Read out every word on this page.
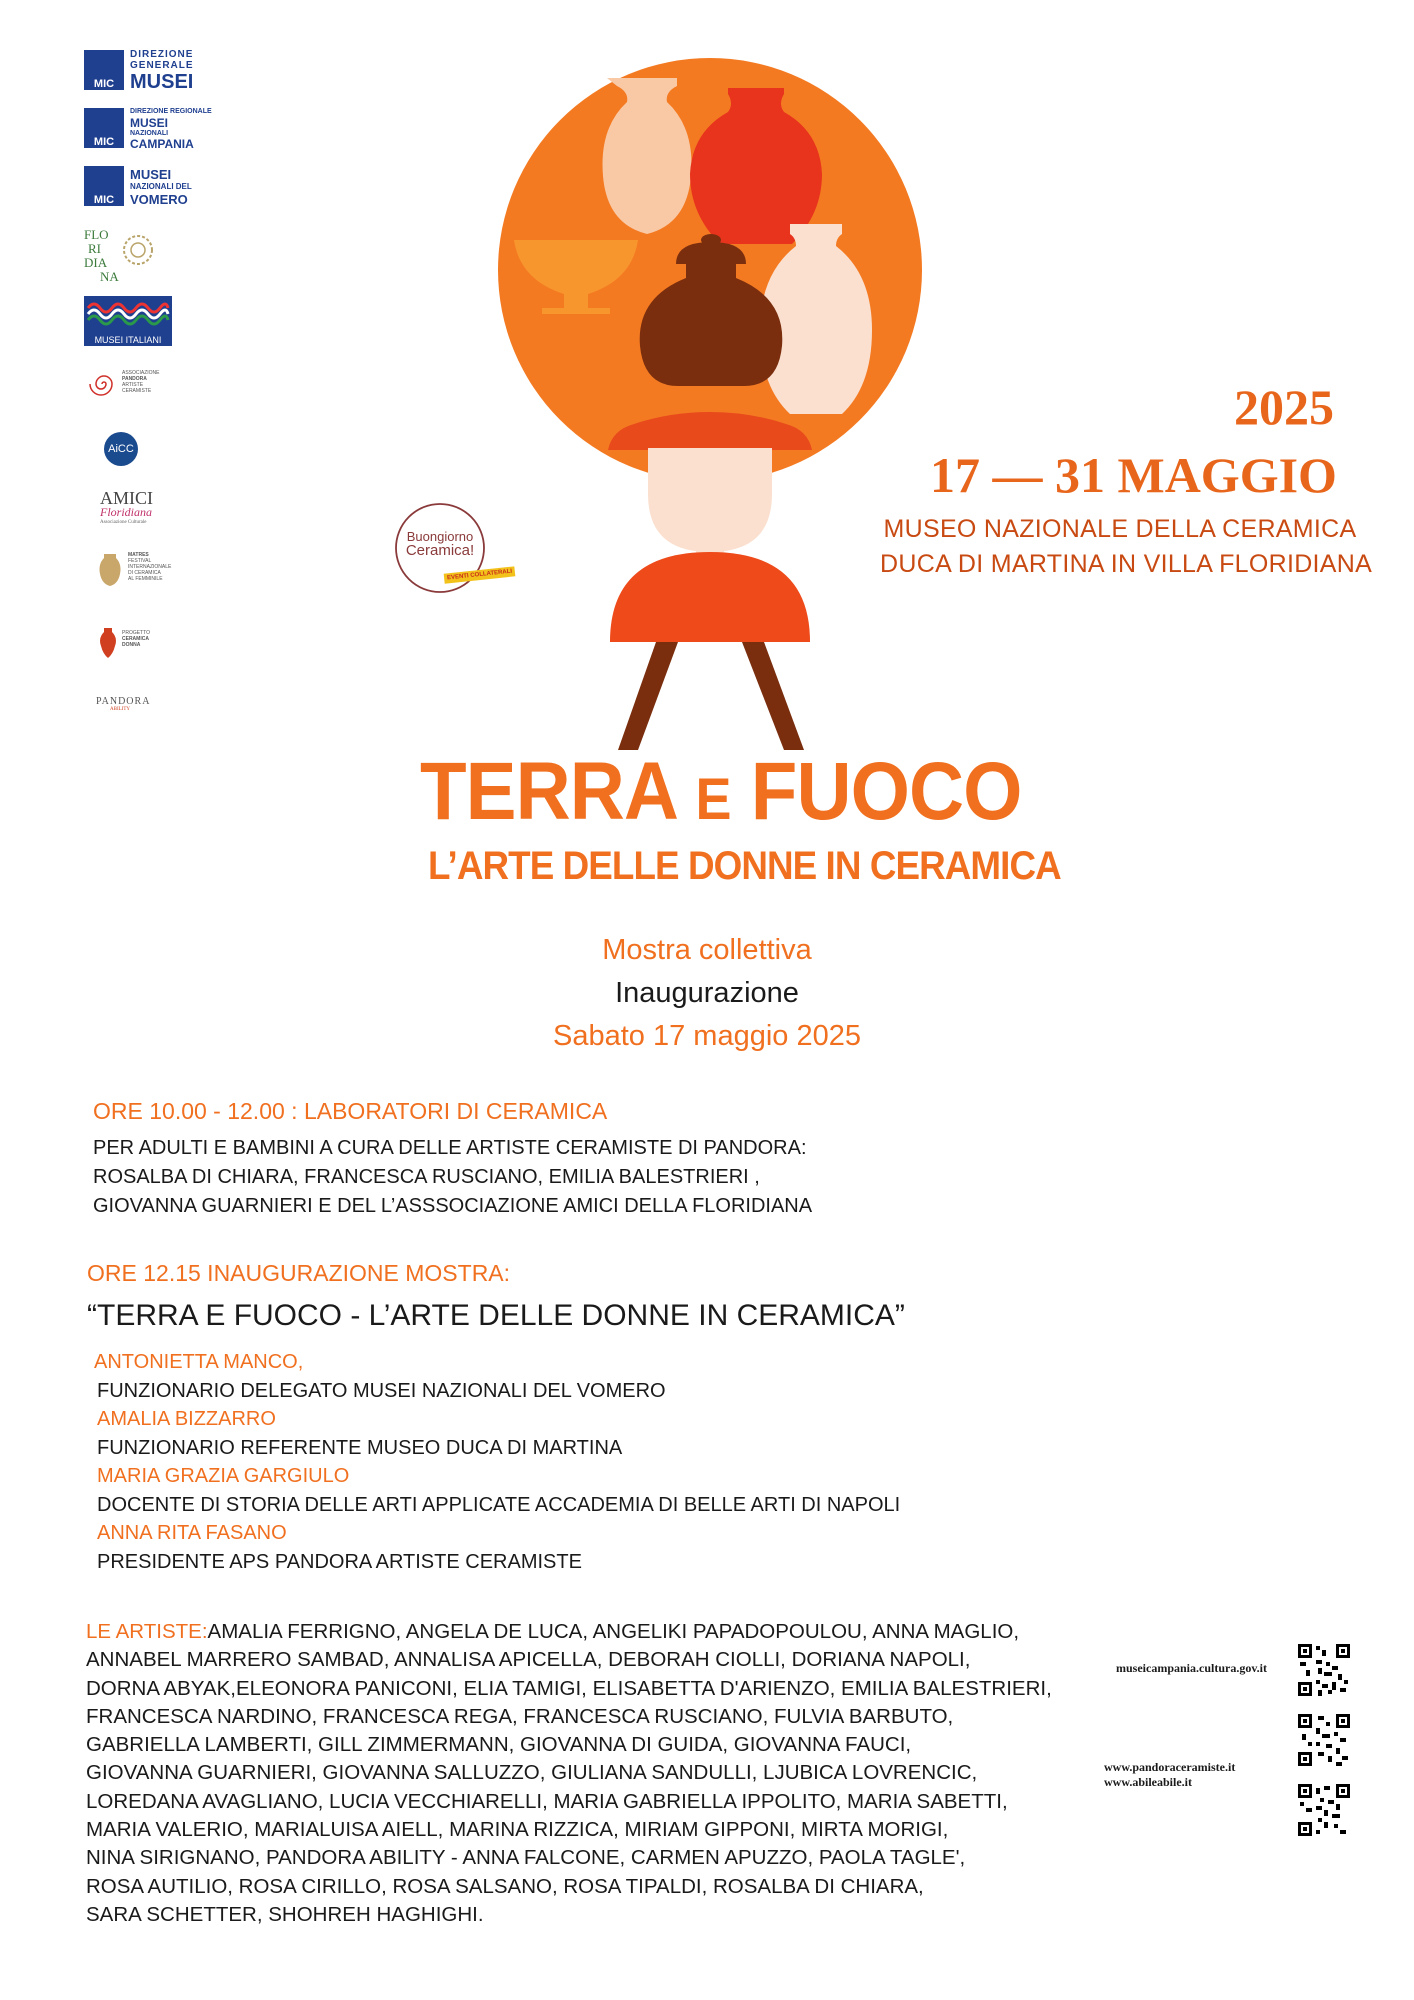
MIC
DIREZIONE
GENERALE
MUSEI
MIC
DIREZIONE REGIONALE
MUSEI
NAZIONALI
CAMPANIA
MIC
MUSEI
NAZIONALI DEL
VOMERO
FLO
RI
DIA
NA
MUSEI ITALIANI
ASSOCIAZIONE
PANDORA
ARTISTE
CERAMISTE
AiCC
AMICI
Floridiana
Associazione Culturale
MATRES
FESTIVAL
INTERNAZIONALE
DI CERAMICA
AL FEMMINILE
PROGETTO
CERAMICA
DONNA
PANDORA
ABILITY
Buongiorno
Ceramica!
EVENTI COLLATERALI
2025
17 — 31 MAGGIO
MUSEO NAZIONALE DELLA CERAMICA
DUCA DI MARTINA IN VILLA FLORIDIANA
TERRA E FUOCO
L’ARTE DELLE DONNE IN CERAMICA
Mostra collettiva
Inaugurazione
Sabato 17 maggio 2025
ORE 10.00 - 12.00 : LABORATORI DI CERAMICA
PER ADULTI E BAMBINI A CURA DELLE ARTISTE CERAMISTE DI PANDORA:
ROSALBA DI CHIARA, FRANCESCA RUSCIANO, EMILIA BALESTRIERI ,
GIOVANNA GUARNIERI E DEL L’ASSSOCIAZIONE AMICI DELLA FLORIDIANA
ORE 12.15 INAUGURAZIONE MOSTRA:
“TERRA E FUOCO - L’ARTE DELLE DONNE IN CERAMICA”
ANTONIETTA MANCO,
FUNZIONARIO DELEGATO MUSEI NAZIONALI DEL VOMERO
AMALIA BIZZARRO
FUNZIONARIO REFERENTE MUSEO DUCA DI MARTINA
MARIA GRAZIA GARGIULO
DOCENTE DI STORIA DELLE ARTI APPLICATE ACCADEMIA DI BELLE ARTI DI NAPOLI
ANNA RITA FASANO
PRESIDENTE APS PANDORA ARTISTE CERAMISTE
LE ARTISTE:AMALIA FERRIGNO, ANGELA DE LUCA, ANGELIKI PAPADOPOULOU, ANNA MAGLIO,
ANNABEL MARRERO SAMBAD, ANNALISA APICELLA, DEBORAH CIOLLI, DORIANA NAPOLI,
DORNA ABYAK,ELEONORA PANICONI, ELIA TAMIGI, ELISABETTA D'ARIENZO, EMILIA BALESTRIERI,
FRANCESCA NARDINO, FRANCESCA REGA, FRANCESCA RUSCIANO, FULVIA BARBUTO,
GABRIELLA LAMBERTI, GILL ZIMMERMANN, GIOVANNA DI GUIDA, GIOVANNA FAUCI,
GIOVANNA GUARNIERI, GIOVANNA SALLUZZO, GIULIANA SANDULLI, LJUBICA LOVRENCIC,
LOREDANA AVAGLIANO, LUCIA VECCHIARELLI, MARIA GABRIELLA IPPOLITO, MARIA SABETTI,
MARIA VALERIO, MARIALUISA AIELL, MARINA RIZZICA, MIRIAM GIPPONI, MIRTA MORIGI,
NINA SIRIGNANO, PANDORA ABILITY - ANNA FALCONE, CARMEN APUZZO, PAOLA TAGLE',
ROSA AUTILIO, ROSA CIRILLO, ROSA SALSANO, ROSA TIPALDI, ROSALBA DI CHIARA,
SARA SCHETTER, SHOHREH HAGHIGHI.
museicampania.cultura.gov.it
www.pandoraceramiste.it
www.abileabile.it
